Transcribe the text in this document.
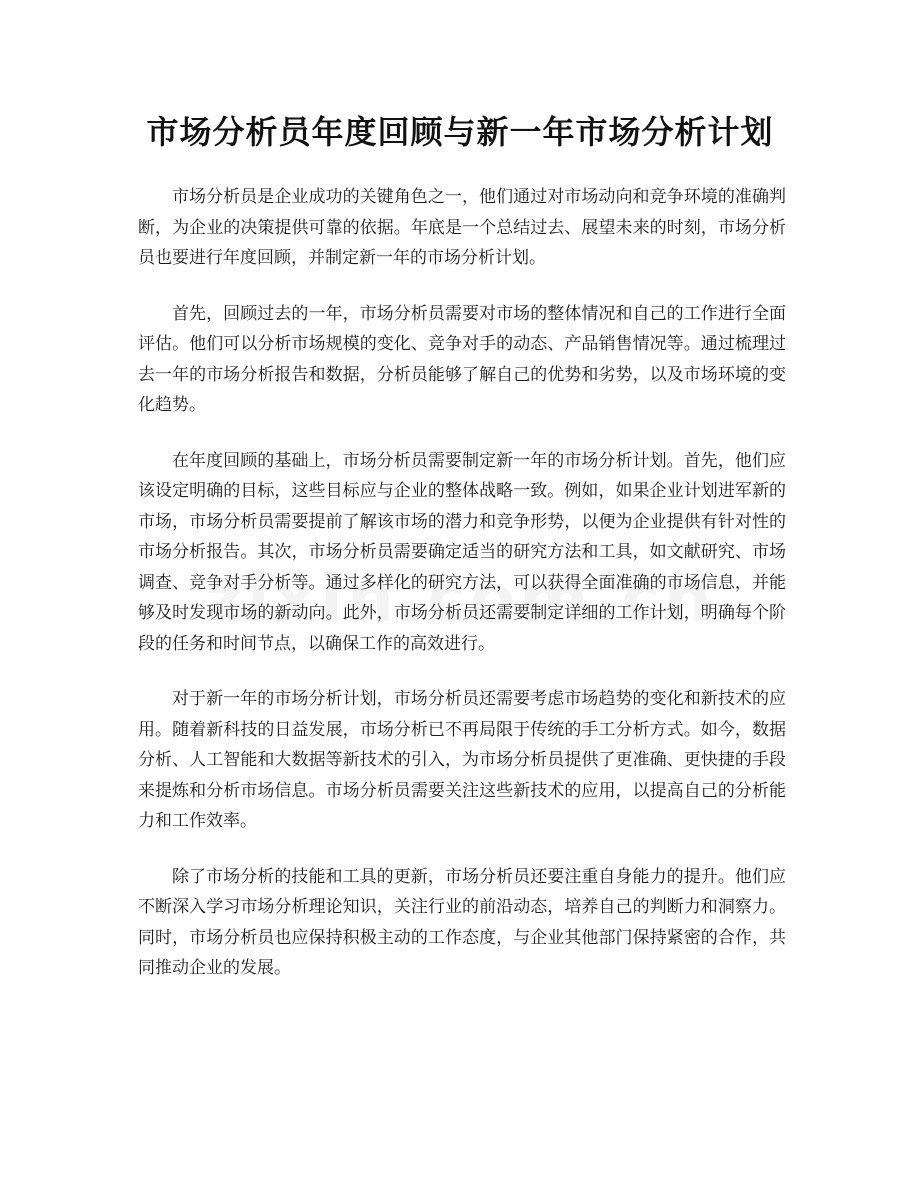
市场分析员年度回顾与新一年市场分析计划

市场分析员是企业成功的关键角色之一，他们通过对市场动向和竞争环境的准确判断，为企业的决策提供可靠的依据。年底是一个总结过去、展望未来的时刻，市场分析员也要进行年度回顾，并制定新一年的市场分析计划。

首先，回顾过去的一年，市场分析员需要对市场的整体情况和自己的工作进行全面评估。他们可以分析市场规模的变化、竞争对手的动态、产品销售情况等。通过梳理过去一年的市场分析报告和数据，分析员能够了解自己的优势和劣势，以及市场环境的变化趋势。

在年度回顾的基础上，市场分析员需要制定新一年的市场分析计划。首先，他们应该设定明确的目标，这些目标应与企业的整体战略一致。例如，如果企业计划进军新的市场，市场分析员需要提前了解该市场的潜力和竞争形势，以便为企业提供有针对性的市场分析报告。其次，市场分析员需要确定适当的研究方法和工具，如文献研究、市场调查、竞争对手分析等。通过多样化的研究方法，可以获得全面准确的市场信息，并能够及时发现市场的新动向。此外，市场分析员还需要制定详细的工作计划，明确每个阶段的任务和时间节点，以确保工作的高效进行。

对于新一年的市场分析计划，市场分析员还需要考虑市场趋势的变化和新技术的应用。随着新科技的日益发展，市场分析已不再局限于传统的手工分析方式。如今，数据分析、人工智能和大数据等新技术的引入，为市场分析员提供了更准确、更快捷的手段来提炼和分析市场信息。市场分析员需要关注这些新技术的应用，以提高自己的分析能力和工作效率。

除了市场分析的技能和工具的更新，市场分析员还要注重自身能力的提升。他们应不断深入学习市场分析理论知识，关注行业的前沿动态，培养自己的判断力和洞察力。同时，市场分析员也应保持积极主动的工作态度，与企业其他部门保持紧密的合作，共同推动企业的发展。
